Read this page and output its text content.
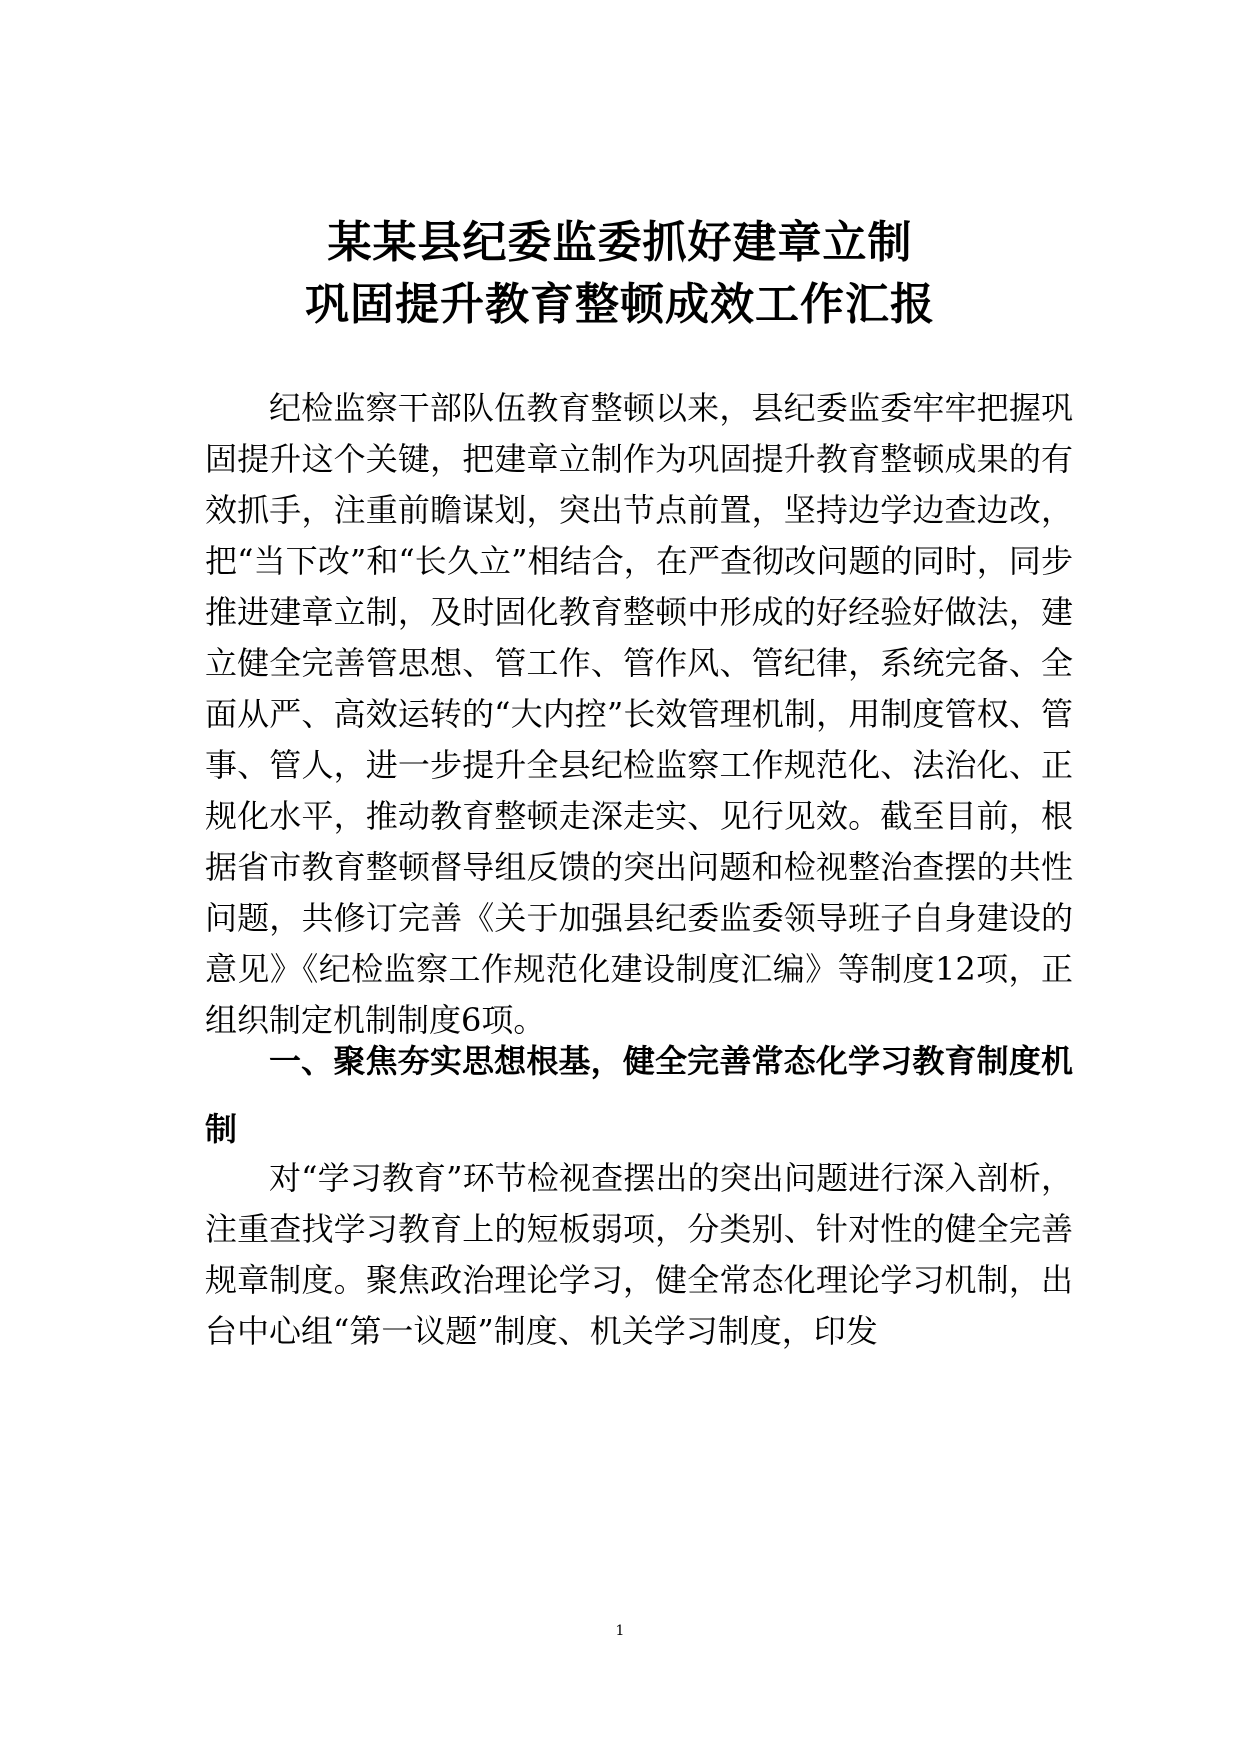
某某县纪委监委抓好建章立制
巩固提升教育整顿成效工作汇报
纪检监察干部队伍教育整顿以来，县纪委监委牢牢把握巩固提升这个关键，把建章立制作为巩固提升教育整顿成果的有效抓手，注重前瞻谋划，突出节点前置，坚持边学边查边改，把“当下改”和“长久立”相结合，在严查彻改问题的同时，同步推进建章立制，及时固化教育整顿中形成的好经验好做法，建立健全完善管思想、管工作、管作风、管纪律，系统完备、全面从严、高效运转的“大内控”长效管理机制，用制度管权、管事、管人，进一步提升全县纪检监察工作规范化、法治化、正规化水平，推动教育整顿走深走实、见行见效。截至目前，根据省市教育整顿督导组反馈的突出问题和检视整治查摆的共性问题，共修订完善《关于加强县纪委监委领导班子自身建设的意见》《纪检监察工作规范化建设制度汇编》等制度12项，正组织制定机制制度6项。
一、聚焦夯实思想根基，健全完善常态化学习教育制度机制
对“学习教育”环节检视查摆出的突出问题进行深入剖析，注重查找学习教育上的短板弱项，分类别、针对性的健全完善规章制度。聚焦政治理论学习，健全常态化理论学习机制，出台中心组“第一议题”制度、机关学习制度，印发
1
